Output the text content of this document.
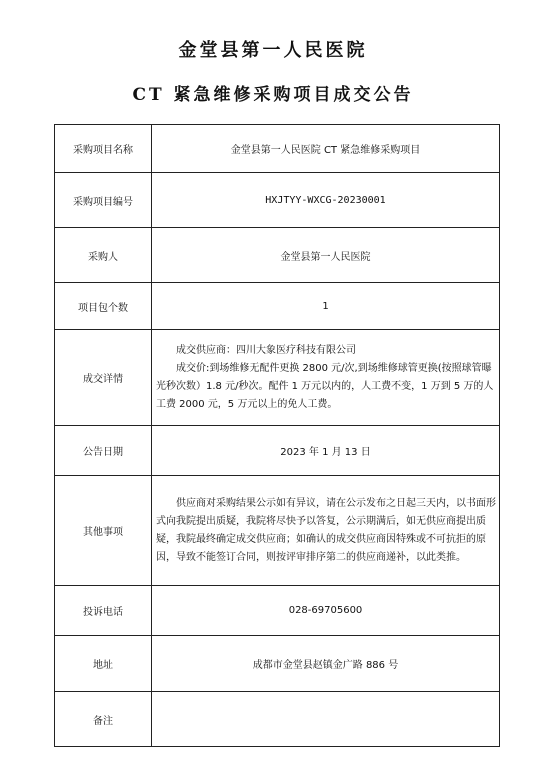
金堂县第一人民医院
CT 紧急维修采购项目成交公告
采购项目名称	金堂县第一人民医院 CT 紧急维修采购项目
采购项目编号	HXJTYY-WXCG-20230001
采购人	金堂县第一人民医院
项目包个数	1
成交详情	成交供应商：四川大象医疗科技有限公司

成交价:到场维修无配件更换 2800 元/次,到场维修球管更换(按照球管曝光秒次数）1.8 元/秒次。配件 1 万元以内的，人工费不变，1 万到 5 万的人工费 2000 元，5 万元以上的免人工费。

公告日期	2023 年 1 月 13 日
其他事项	供应商对采购结果公示如有异议，请在公示发布之日起三天内，以书面形式向我院提出质疑，我院将尽快予以答复，公示期满后，如无供应商提出质疑，我院最终确定成交供应商；如确认的成交供应商因特殊或不可抗拒的原因，导致不能签订合同，则按评审排序第二的供应商递补，以此类推。

投诉电话	028-69705600
地址	成都市金堂县赵镇金广路 886 号
备注	
